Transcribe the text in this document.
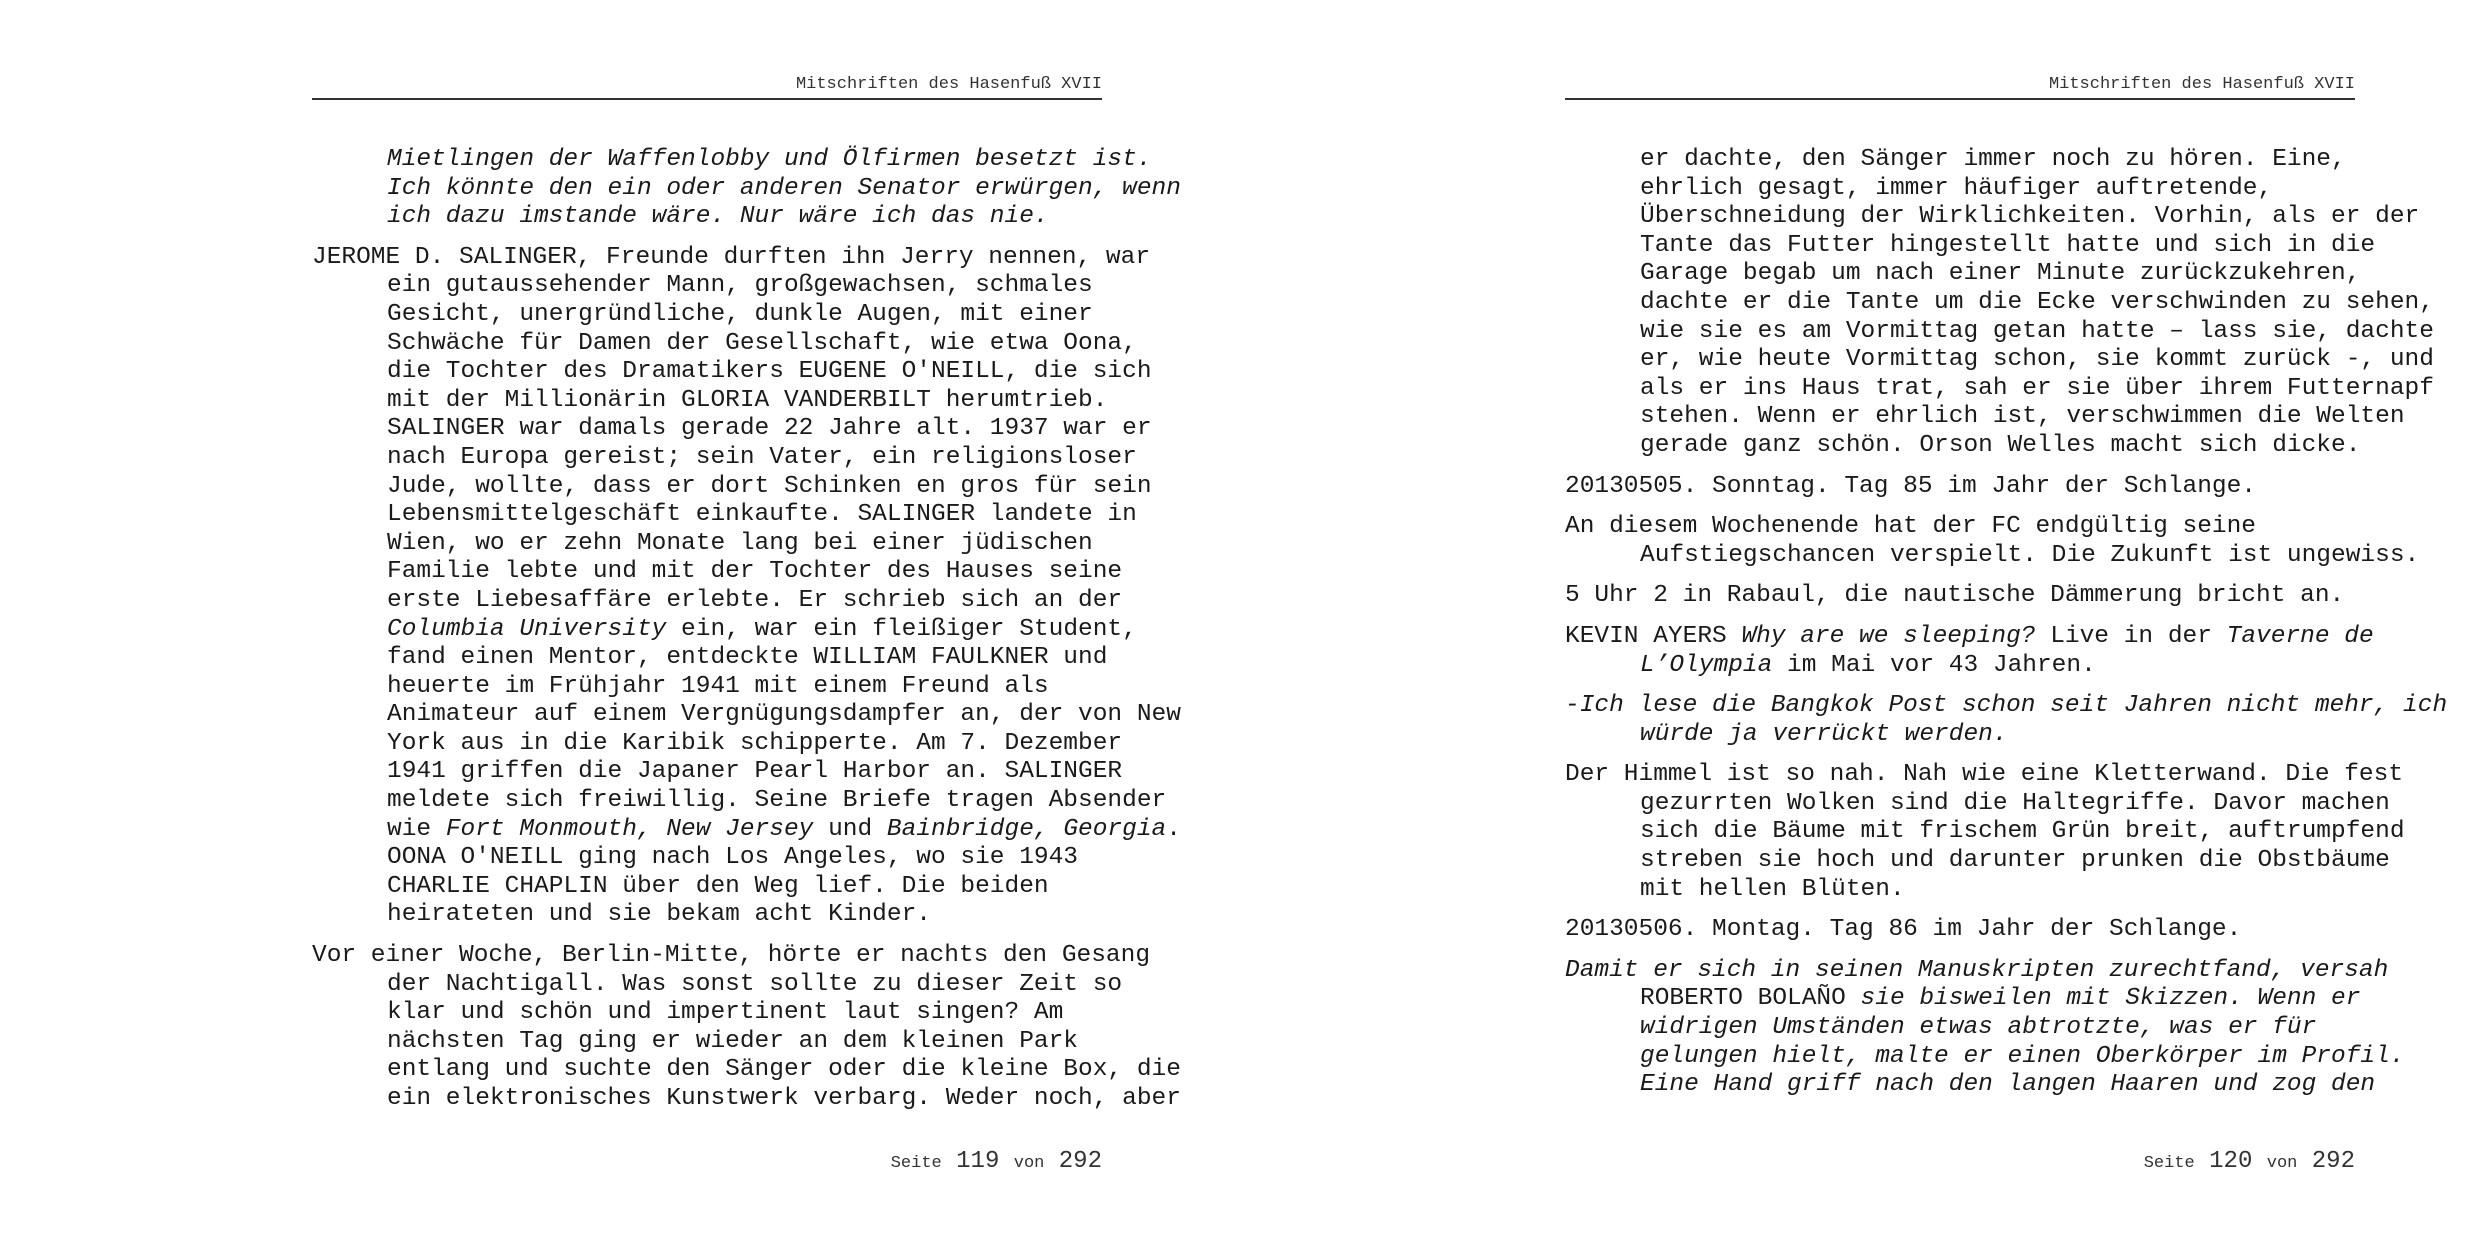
Mitschriften des Hasenfuß XVII
Mietlingen der Waffenlobby und Ölfirmen besetzt ist.
Ich könnte den ein oder anderen Senator erwürgen, wenn
ich dazu imstande wäre. Nur wäre ich das nie.
JEROME D. SALINGER, Freunde durften ihn Jerry nennen, war
ein gutaussehender Mann, großgewachsen, schmales
Gesicht, unergründliche, dunkle Augen, mit einer
Schwäche für Damen der Gesellschaft, wie etwa Oona,
die Tochter des Dramatikers EUGENE O'NEILL, die sich
mit der Millionärin GLORIA VANDERBILT herumtrieb.
SALINGER war damals gerade 22 Jahre alt. 1937 war er
nach Europa gereist; sein Vater, ein religionsloser
Jude, wollte, dass er dort Schinken en gros für sein
Lebensmittelgeschäft einkaufte. SALINGER landete in
Wien, wo er zehn Monate lang bei einer jüdischen
Familie lebte und mit der Tochter des Hauses seine
erste Liebesaffäre erlebte. Er schrieb sich an der
Columbia University ein, war ein fleißiger Student,
fand einen Mentor, entdeckte WILLIAM FAULKNER und
heuerte im Frühjahr 1941 mit einem Freund als
Animateur auf einem Vergnügungsdampfer an, der von New
York aus in die Karibik schipperte. Am 7. Dezember
1941 griffen die Japaner Pearl Harbor an. SALINGER
meldete sich freiwillig. Seine Briefe tragen Absender
wie Fort Monmouth, New Jersey und Bainbridge, Georgia.
OONA O'NEILL ging nach Los Angeles, wo sie 1943
CHARLIE CHAPLIN über den Weg lief. Die beiden
heirateten und sie bekam acht Kinder.
Vor einer Woche, Berlin-Mitte, hörte er nachts den Gesang
der Nachtigall. Was sonst sollte zu dieser Zeit so
klar und schön und impertinent laut singen? Am
nächsten Tag ging er wieder an dem kleinen Park
entlang und suchte den Sänger oder die kleine Box, die
ein elektronisches Kunstwerk verbarg. Weder noch, aber
Seite 119 von 292
Mitschriften des Hasenfuß XVII
er dachte, den Sänger immer noch zu hören. Eine,
ehrlich gesagt, immer häufiger auftretende,
Überschneidung der Wirklichkeiten. Vorhin, als er der
Tante das Futter hingestellt hatte und sich in die
Garage begab um nach einer Minute zurückzukehren,
dachte er die Tante um die Ecke verschwinden zu sehen,
wie sie es am Vormittag getan hatte – lass sie, dachte
er, wie heute Vormittag schon, sie kommt zurück -, und
als er ins Haus trat, sah er sie über ihrem Futternapf
stehen. Wenn er ehrlich ist, verschwimmen die Welten
gerade ganz schön. Orson Welles macht sich dicke.
20130505. Sonntag. Tag 85 im Jahr der Schlange.
An diesem Wochenende hat der FC endgültig seine
Aufstiegschancen verspielt. Die Zukunft ist ungewiss.
5 Uhr 2 in Rabaul, die nautische Dämmerung bricht an.
KEVIN AYERS Why are we sleeping? Live in der Taverne de
L’Olympia im Mai vor 43 Jahren.
-Ich lese die Bangkok Post schon seit Jahren nicht mehr, ich
würde ja verrückt werden.
Der Himmel ist so nah. Nah wie eine Kletterwand. Die fest
gezurrten Wolken sind die Haltegriffe. Davor machen
sich die Bäume mit frischem Grün breit, auftrumpfend
streben sie hoch und darunter prunken die Obstbäume
mit hellen Blüten.
20130506. Montag. Tag 86 im Jahr der Schlange.
Damit er sich in seinen Manuskripten zurechtfand, versah
ROBERTO BOLAÑO sie bisweilen mit Skizzen. Wenn er
widrigen Umständen etwas abtrotzte, was er für
gelungen hielt, malte er einen Oberkörper im Profil.
Eine Hand griff nach den langen Haaren und zog den
Seite 120 von 292
